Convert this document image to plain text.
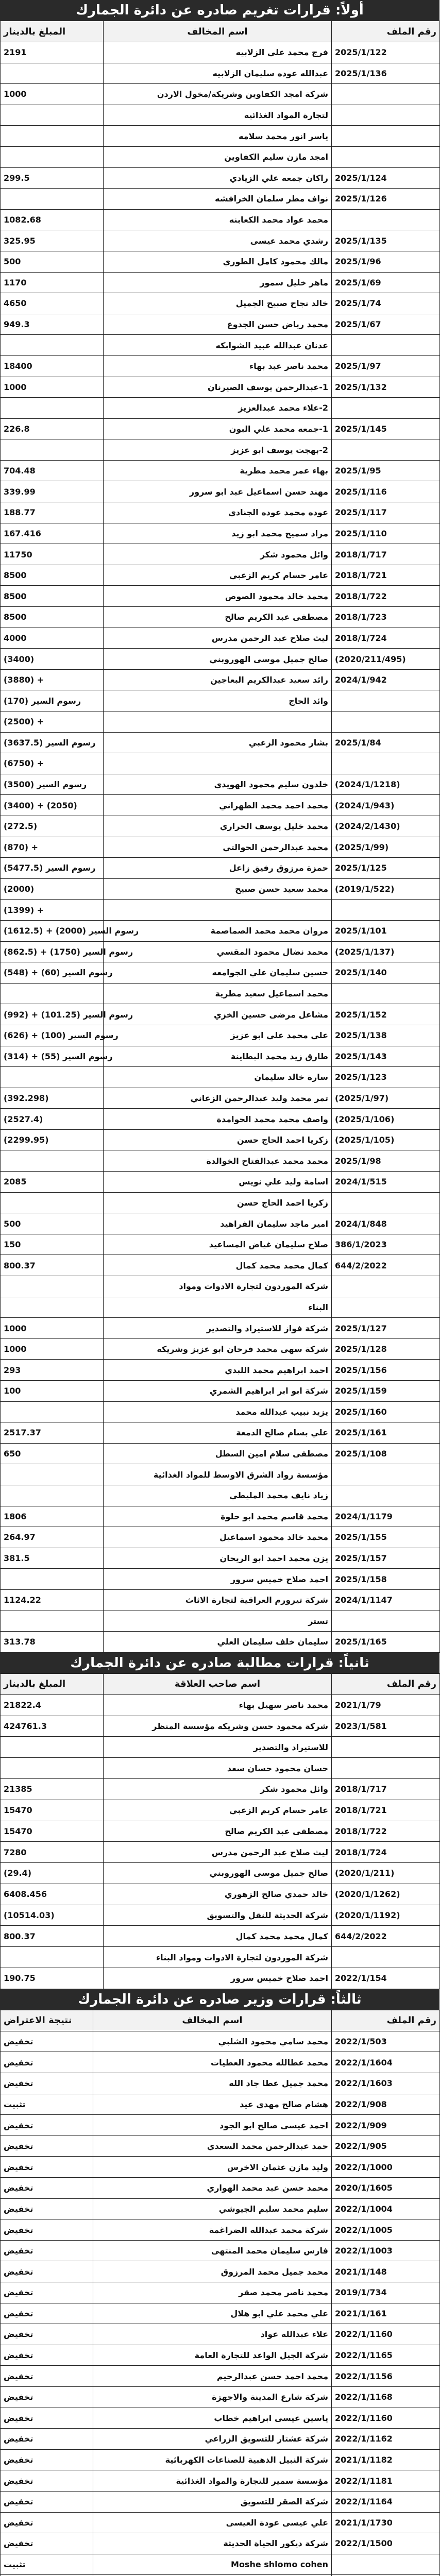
أولاً: قرارات تغريم صادره عن دائرة الجمارك
رقم الملف	اسم المخالف	المبلغ بالدينار
2025/1/122	فرج محمد علي الزلابيه	2191
2025/1/136	عبدالله عوده سليمان الزلابيه	
	شركة امجد الكفاوين وشريكة/مخول الاردن	1000
	لتجارة المواد الغذائيه	
	ياسر انور محمد سلامه	
	امجد مازن سليم الكفاوين	
2025/1/124	راكان جمعه علي الزيادي	299.5
2025/1/126	نواف مطر سلمان الخرافشه	
	محمد عواد محمد الكعابنه	1082.68
2025/1/135	رشدي محمد عيسى	325.95
2025/1/96	مالك محمود كامل الطوري	500
2025/1/69	ماهر خليل سمور	1170
2025/1/74	خالد نجاح صبيح الجميل	4650
2025/1/67	محمد رياض حسن الجدوع	949.3
	عدنان عبدالله عبيد الشوابكه	
2025/1/97	محمد ناصر عبد بهاء	18400
2025/1/132	1-عبدالرحمن يوسف الصيرنان	1000
	2-علاء محمد عبدالعزيز	
2025/1/145	1-جمعه محمد علي البون	226.8
	2-بهجت يوسف ابو عزيز	
2025/1/95	بهاء عمر محمد مطرية	704.48
2025/1/116	مهند حسن اسماعيل عبد ابو سرور	339.99
2025/1/117	عوده محمد عوده الجنادي	188.77
2025/1/110	مراد سميح محمد ابو زيد	167.416
2018/1/717	وائل محمود شكر	11750
2018/1/721	عامر حسام كريم الزعبي	8500
2018/1/722	محمد خالد محمود الصوص	8500
2018/1/723	مصطفى عبد الكريم صالح	8500
2018/1/724	ليث صلاح عبد الرحمن مدرس	4000
(2020/211/495)	صالح جميل موسى الهوروبني	(3400)
2024/1/942	رائد سعيد عبدالكريم البعاجين	(3880) +
	وائد الحاج	(170) رسوم السير
		(2500) +
2025/1/84	بشار محمود الزعبي	(3637.5) رسوم السير
		(6750) +
(2024/1/1218)	خلدون سليم محمود الهويدي	(3500) رسوم السير
(2024/1/943)	محمد احمد محمد الطهراني	(3400) + (2050)
(2024/2/1430)	محمد خليل يوسف الحراري	(272.5)
(2025/1/99)	محمد عبدالرحمن الحوالتي	(870) +
2025/1/125	حمزة مرزوق رفيق زاعل	(5477.5) رسوم السير
(2019/1/522)	محمد سعيد حسن صبيح	(2000)
		(1399) +
2025/1/101	مروان محمد محمد الصماصمة	(1612.5) + (2000) رسوم السير
(2025/1/137)	محمد نضال محمود المقسي	(862.5) + (1750) رسوم السير
2025/1/140	حسين سليمان علي الجوامعه	(548) + (60) رسوم السير
	محمد اسماعيل سعيد مطرية	
2025/1/152	مشاعل مرضى حسين الخزي	(992) + (101.25) رسوم السير
2025/1/138	علي محمد علي ابو عزيز	(626) + (100) رسوم السير
2025/1/143	طارق زيد محمد البطاينة	(314) + (55) رسوم السير
2025/1/123	سارة خالد سليمان	
(2025/1/97)	تمر محمد وليد عبدالرحمن الزعاني	(392.298)
(2025/1/106)	واصف محمد محمد الحوامدة	(2527.4)
(2025/1/105)	زكريا احمد الحاج حسن	(2299.95)
2025/1/98	محمد محمد عبدالفتاح الخوالدة	
2024/1/515	اسامة وليد علي نويس	2085
	زكريا احمد الحاج حسن	
2024/1/848	امير ماجد سليمان الفراهيد	500
386/1/2023	صلاح سليمان غياض المساعيد	150
644/2/2022	كمال محمد محمد كمال	800.37
	شركة الموردون لتجارة الادوات ومواد	
	البناء	
2025/1/127	شركة فواز للاستيراد والتصدير	1000
2025/1/128	شركة سهى محمد فرحان ابو عزيز وشريكه	1000
2025/1/156	احمد ابراهيم محمد اللبدي	293
2025/1/159	شركة ابو ابر ابراهيم الشمري	100
2025/1/160	يزيد نبيب عبدالله محمد	
2025/1/161	علي بسام صالح الدمعة	2517.37
2025/1/108	مصطفى سلام امين السطل	650
	مؤسسة رواد الشرق الاوسط للمواد الغذائية	
	زياد نايف محمد المليطي	
2024/1/1179	محمد قاسم محمد ابو حلوة	1806
2025/1/155	محمد خالد محمود اسماعيل	264.97
2025/1/157	يزن محمد احمد ابو الريحان	381.5
2025/1/158	احمد صلاح خميس سرور	
2024/1/1147	شركة تيرورم العراقية لتجارة الاثاث	1124.22
	تستر	
2025/1/165	سليمان خلف سليمان العلي	313.78
ثانياً: قرارات مطالبة صادره عن دائرة الجمارك
رقم الملف	اسم صاحب العلاقة	المبلغ بالدينار
2021/1/79	محمد ناصر سهيل بهاء	21822.4
2023/1/581	شركة محمود حسن وشريكه مؤسسة المنظر	424761.3
	للاستيراد والتصدير	
	حسان محمود حسان سعد	
2018/1/717	وائل محمود شكر	21385
2018/1/721	عامر حسام كريم الزعبي	15470
2018/1/722	مصطفى عبد الكريم صالح	15470
2018/1/724	ليث صلاح عبد الرحمن مدرس	7280
(2020/1/211)	صالح جميل موسى الهوروبني	(29.4)
(2020/1/1262)	خالد حمدي صالح الزهوري	6408.456
(2020/1/1192)	شركة الحديثة للنقل والتسويق	(10514.03)
644/2/2022	كمال محمد محمد كمال	800.37
	شركة الموردون لتجارة الادوات ومواد البناء	
2022/1/154	احمد صلاح خميس سرور	190.75
ثالثاً: قرارات وزير صادره عن دائرة الجمارك
رقم الملف	اسم المخالف	نتيجة الاعتراض
2022/1/503	محمد سامي محمود الشلبي	تخفيض
2022/1/1604	محمد عطالله محمود العطيات	تخفيض
2022/1/1603	محمد جميل عطا جاد الله	تخفيض
2022/1/908	هشام صالح مهدي عيد	تثبيت
2022/1/909	احمد عيسى صالح ابو الجود	تخفيض
2022/1/905	حمد عبدالرحمن محمد السعدي	تخفيض
2022/1/1000	وليد مازن عثمان الاخرس	تخفيض
2020/1/1605	محمد حسن عبد محمد الهواري	تخفيض
2022/1/1004	سليم محمد سليم الجيوشي	تخفيض
2022/1/1005	شركة محمد عبدالله الضراغمة	تخفيض
2022/1/1003	فارس سليمان محمد المنتهى	تخفيض
2021/1/148	محمد جميل محمد المرزوق	تخفيض
2019/1/734	محمد ناصر محمد صقر	تخفيض
2021/1/161	علي محمد علي ابو هلال	تخفيض
2022/1/1160	علاء عبدالله عواد	تخفيض
2022/1/1165	شركة الجيل الواعد للتجارة العامة	تخفيض
2022/1/1156	محمد احمد حسن عبدالرحيم	تخفيض
2022/1/1168	شركة شارع المدينة والاجهزة	تخفيض
2022/1/1160	ياسين عيسى ابراهيم خطاب	تخفيض
2022/1/1162	شركة عشتار للتسويق الزراعي	تخفيض
2021/1/1182	شركة النبيل الذهبية للصناعات الكهربائية	تخفيض
2022/1/1181	مؤسسة سمير للتجارة والمواد الغذائية	تخفيض
2022/1/1164	شركة الصقر للتسويق	تخفيض
2021/1/1730	علي عيسى عودة العيسى	تخفيض
2022/1/1500	شركة ديكور الحياة الحديثة	تخفيض
	Moshe shlomo cohen	تثبيت
